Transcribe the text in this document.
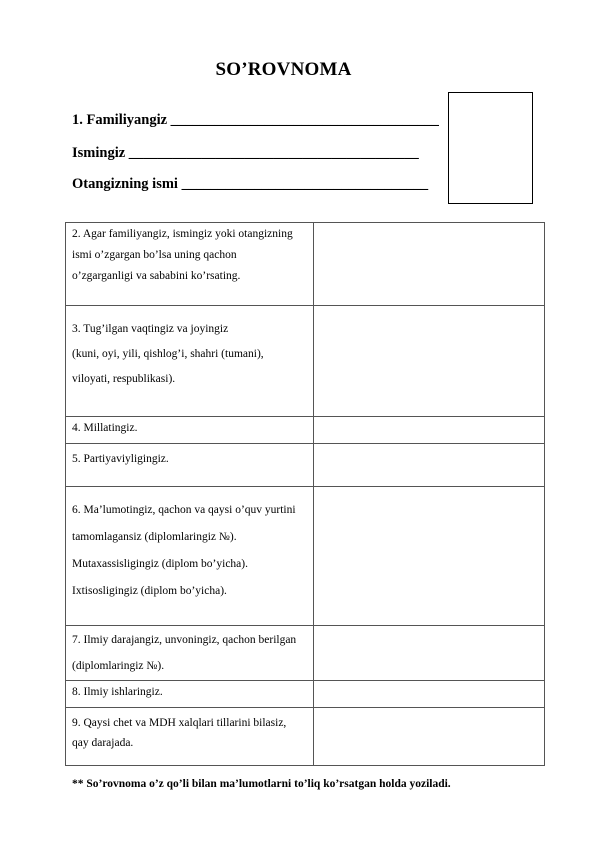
SO’ROVNOMA
1. Familiyangiz _____________________________________
Ismingiz ________________________________________
Otangizning ismi __________________________________
2. Agar familiyangiz, ismingiz yoki otangizning
ismi o’zgargan bo’lsa uning qachon
o’zgarganligi va sababini ko’rsating.	

3. Tug’ilgan vaqtingiz va joyingiz
(kuni, oyi, yili, qishlog’i, shahri (tumani),
viloyati, respublikasi).	

4. Millatingiz.	

5. Partiyaviyligingiz.	

6. Ma’lumotingiz, qachon va qaysi o’quv yurtini
tamomlagansiz (diplomlaringiz №).
Mutaxassisligingiz (diplom bo’yicha).
Ixtisosligingiz (diplom bo’yicha).	

7. Ilmiy darajangiz, unvoningiz, qachon berilgan
(diplomlaringiz №).	

8. Ilmiy ishlaringiz.	

9. Qaysi chet va MDH xalqlari tillarini bilasiz,
qay darajada.	

** So’rovnoma o’z qo’li bilan ma’lumotlarni to’liq ko’rsatgan holda yoziladi.
